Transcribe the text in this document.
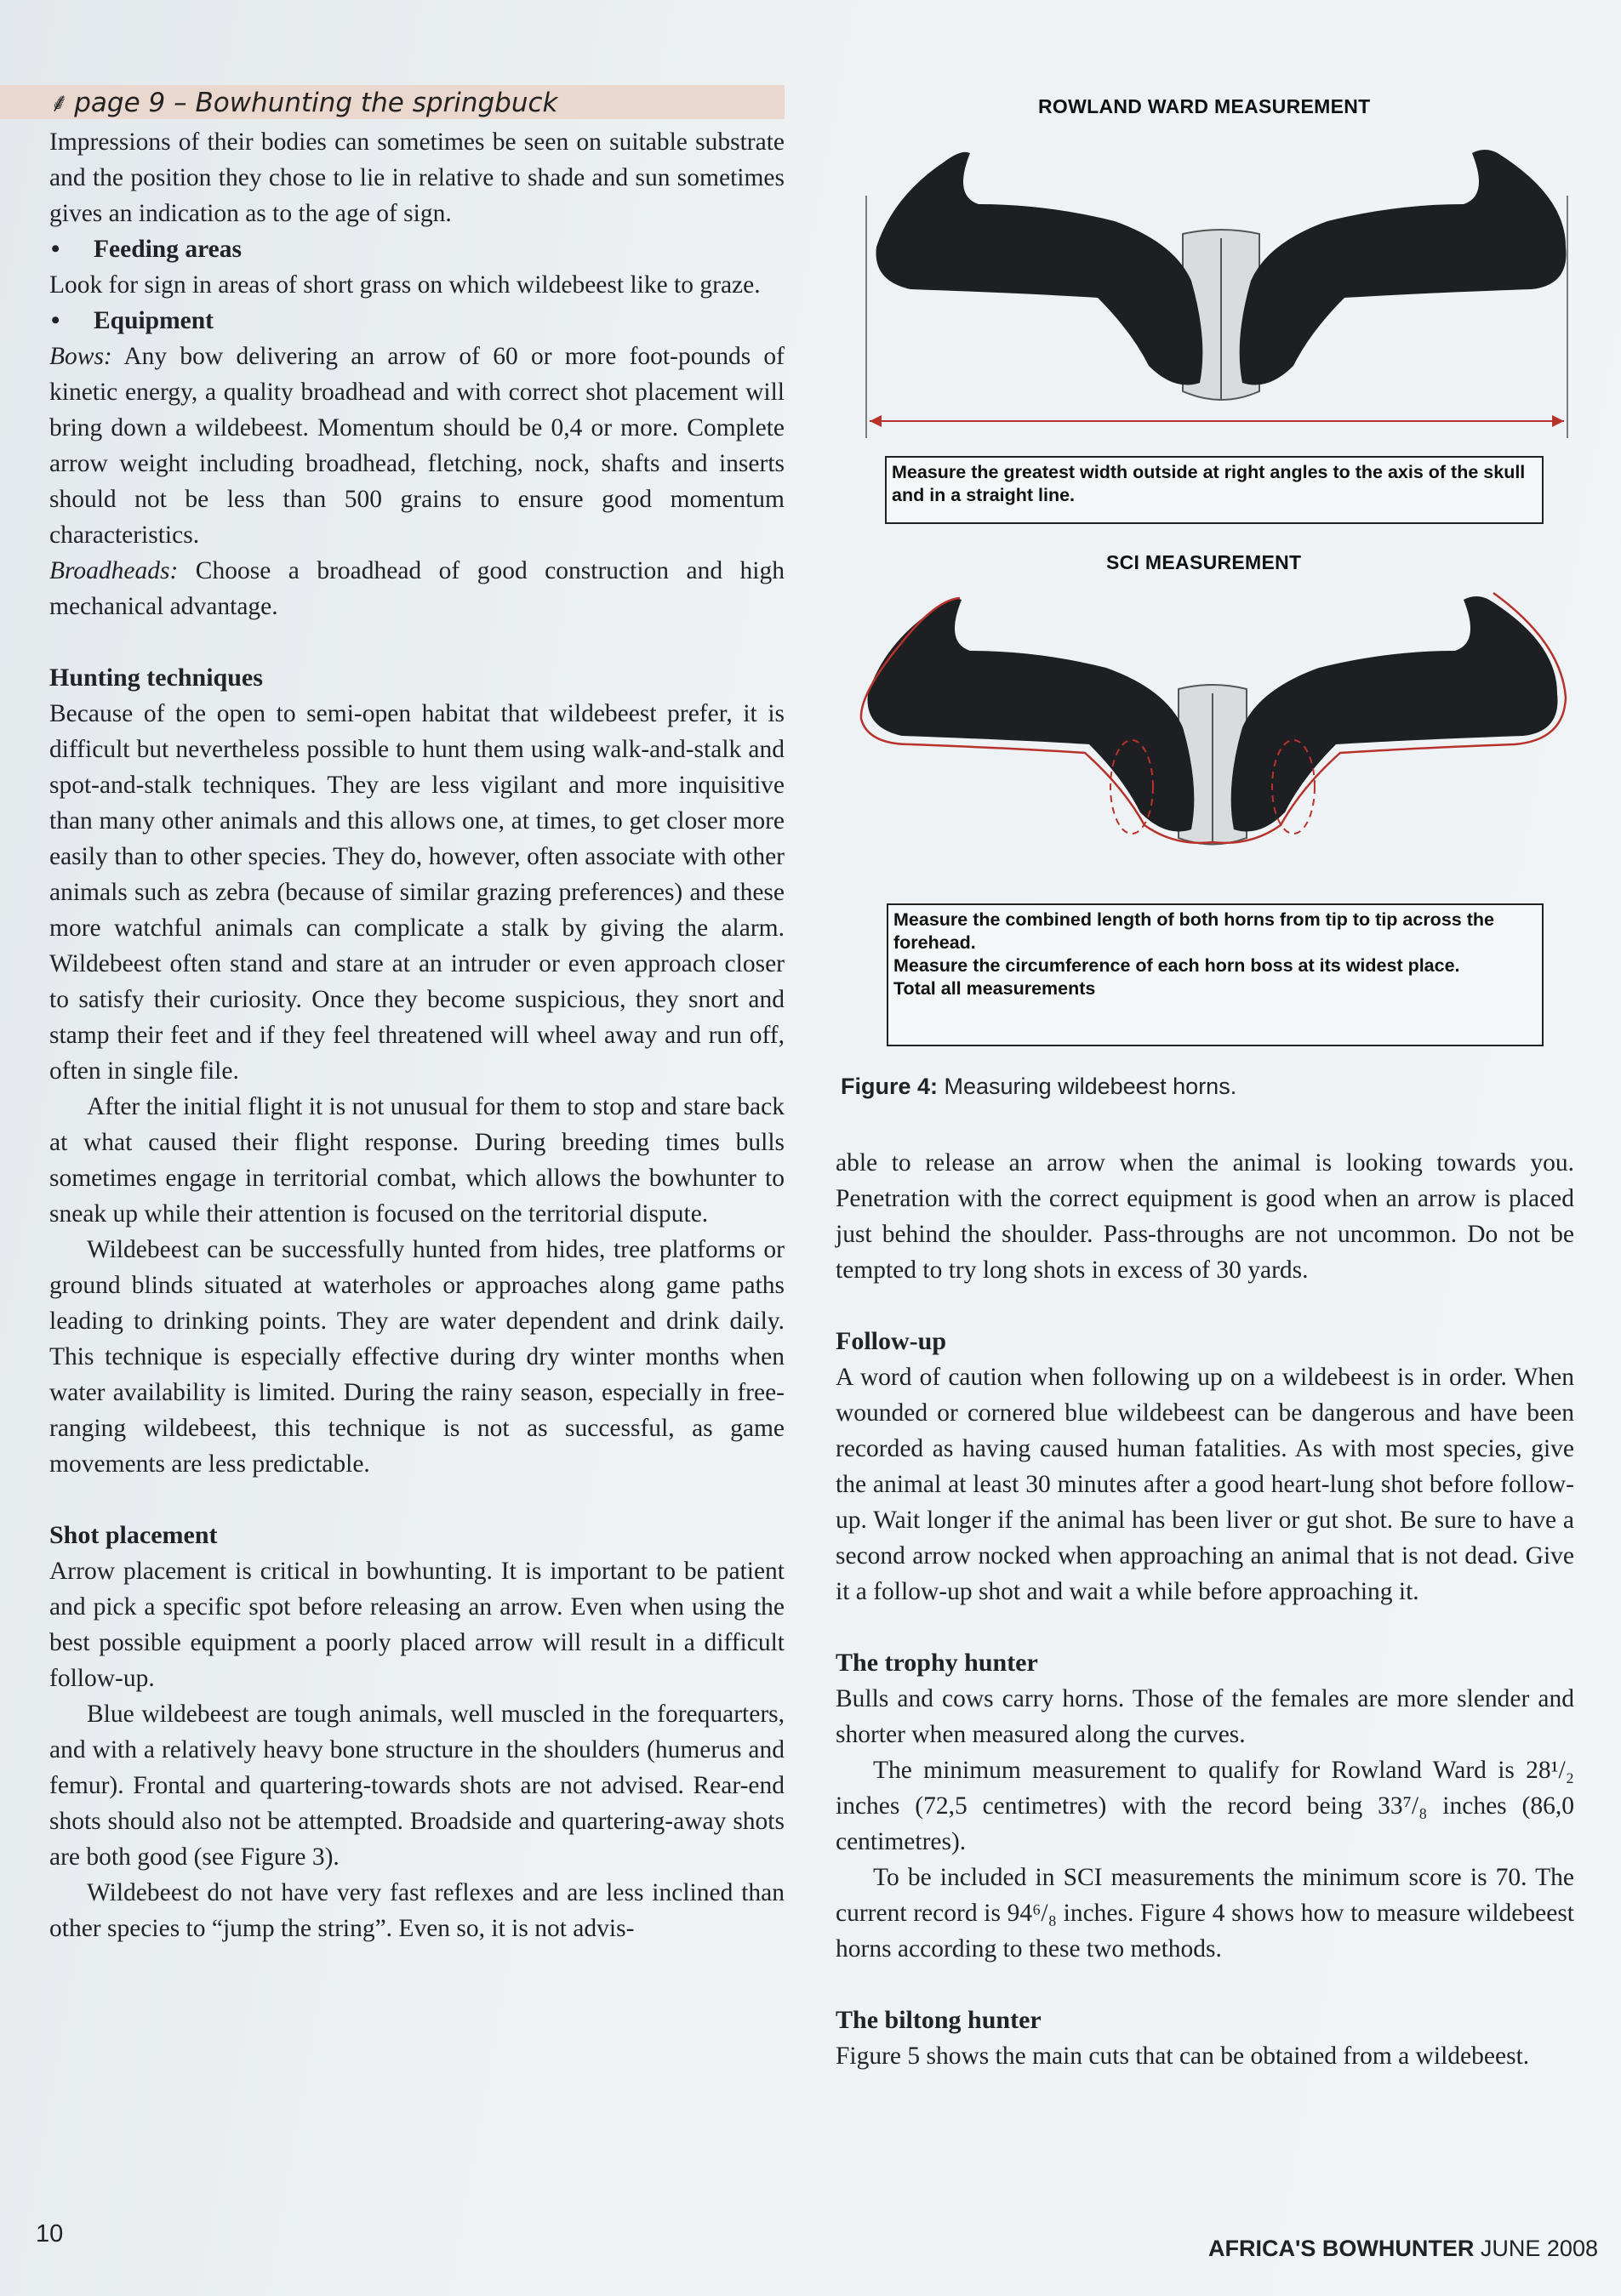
⸙ page 9 – Bowhunting the springbuck

Impressions of their bodies can sometimes be seen on suitable substrate and the position they chose to lie in relative to shade and sun sometimes gives an indication as to the age of sign.

• Feeding areas

Look for sign in areas of short grass on which wildebeest like to graze.

• Equipment

Bows: Any bow delivering an arrow of 60 or more foot-pounds of kinetic energy, a quality broadhead and with correct shot placement will bring down a wildebeest. Momentum should be 0,4 or more. Complete arrow weight including broadhead, fletching, nock, shafts and inserts should not be less than 500 grains to ensure good momentum characteristics.

Broadheads: Choose a broadhead of good construction and high mechanical advantage.

Hunting techniques

Because of the open to semi-open habitat that wildebeest prefer, it is difficult but nevertheless possible to hunt them using walk-and-stalk and spot-and-stalk techniques. They are less vigilant and more inquisitive than many other animals and this allows one, at times, to get closer more easily than to other species. They do, however, often associate with other animals such as zebra (because of similar grazing preferences) and these more watchful animals can complicate a stalk by giving the alarm. Wildebeest often stand and stare at an intruder or even approach closer to satisfy their curiosity. Once they become suspicious, they snort and stamp their feet and if they feel threatened will wheel away and run off, often in single file.

After the initial flight it is not unusual for them to stop and stare back at what caused their flight response. During breeding times bulls sometimes engage in territorial combat, which allows the bowhunter to sneak up while their attention is focused on the territorial dispute.

Wildebeest can be successfully hunted from hides, tree platforms or ground blinds situated at waterholes or approaches along game paths leading to drinking points. They are water dependent and drink daily. This technique is especially effective during dry winter months when water availability is limited. During the rainy season, especially in free-ranging wildebeest, this technique is not as successful, as game movements are less predictable.

Shot placement

Arrow placement is critical in bowhunting. It is important to be patient and pick a specific spot before releasing an arrow. Even when using the best possible equipment a poorly placed arrow will result in a difficult follow-up.

Blue wildebeest are tough animals, well muscled in the forequarters, and with a relatively heavy bone structure in the shoulders (humerus and femur). Frontal and quartering-towards shots are not advised. Rear-end shots should also not be attempted. Broadside and quartering-away shots are both good (see Figure 3).

Wildebeest do not have very fast reflexes and are less inclined than other species to “jump the string”. Even so, it is not advis-

ROWLAND WARD MEASUREMENT

Measure the greatest width outside at right angles to the axis of the skull and in a straight line.

SCI MEASUREMENT

Measure the combined length of both horns from tip to tip across the forehead.

Measure the circumference of each horn boss at its widest place.

Total all measurements

Figure 4: Measuring wildebeest horns.

able to release an arrow when the animal is looking towards you. Penetration with the correct equipment is good when an arrow is placed just behind the shoulder. Pass-throughs are not uncommon. Do not be tempted to try long shots in excess of 30 yards.

Follow-up

A word of caution when following up on a wildebeest is in order. When wounded or cornered blue wildebeest can be dangerous and have been recorded as having caused human fatalities. As with most species, give the animal at least 30 minutes after a good heart-lung shot before follow-up. Wait longer if the animal has been liver or gut shot. Be sure to have a second arrow nocked when approaching an animal that is not dead. Give it a follow-up shot and wait a while before approaching it.

The trophy hunter

Bulls and cows carry horns. Those of the females are more slender and shorter when measured along the curves.

The minimum measurement to qualify for Rowland Ward is 28¹/₂ inches (72,5 centimetres) with the record being 33⁷/₈ inches (86,0 centimetres).

To be included in SCI measurements the minimum score is 70. The current record is 94⁶/₈ inches. Figure 4 shows how to measure wildebeest horns according to these two methods.

The biltong hunter

Figure 5 shows the main cuts that can be obtained from a wildebeest.

10
AFRICA'S BOWHUNTER JUNE 2008
